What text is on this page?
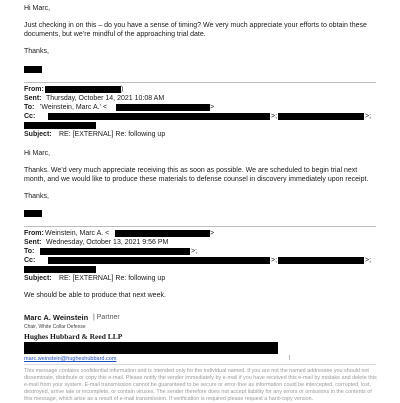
Hi Marc,
Just checking in on this – do you have a sense of timing? We very much appreciate your efforts to obtain these documents, but we’re mindful of the approaching trial date.
Thanks,
From:	)
Sent: Thursday, October 14, 2021 10:08 AM
To: 'Weinstein, Marc A.' <	>
Cc:	>;	>;
Subject: RE: [EXTERNAL] Re: following up
Hi Marc,
Thanks. We’d very much appreciate receiving this as soon as possible. We are scheduled to begin trial next month, and we would like to produce these materials to defense counsel in discovery immediately upon receipt.
Thanks,
From: Weinstein, Marc A. <	>
Sent: Wednesday, October 13, 2021 9:56 PM
To:	>;
Cc:	>;	>;
Subject: RE: [EXTERNAL] Re: following up
We should be able to produce that next week.
Marc A. Weinstein | Partner
Chair, White Collar Defense
Hughes Hubbard & Reed LLP
marc.weinstein@hugheshubbard.com	|
This message contains confidential information and is intended only for the individual named. If you are not the named addressee you should not disseminate, distribute or copy this e-mail. Please notify the sender immediately by e-mail if you have received this e-mail by mistake and delete this e-mail from your system. E-mail transmission cannot be guaranteed to be secure or error-free as information could be intercepted, corrupted, lost, destroyed, arrive late or incomplete, or contain viruses. The sender therefore does not accept liability for any errors or omissions in the contents of this message, which arise as a result of e-mail transmission. If verification is required please request a hard-copy version.
